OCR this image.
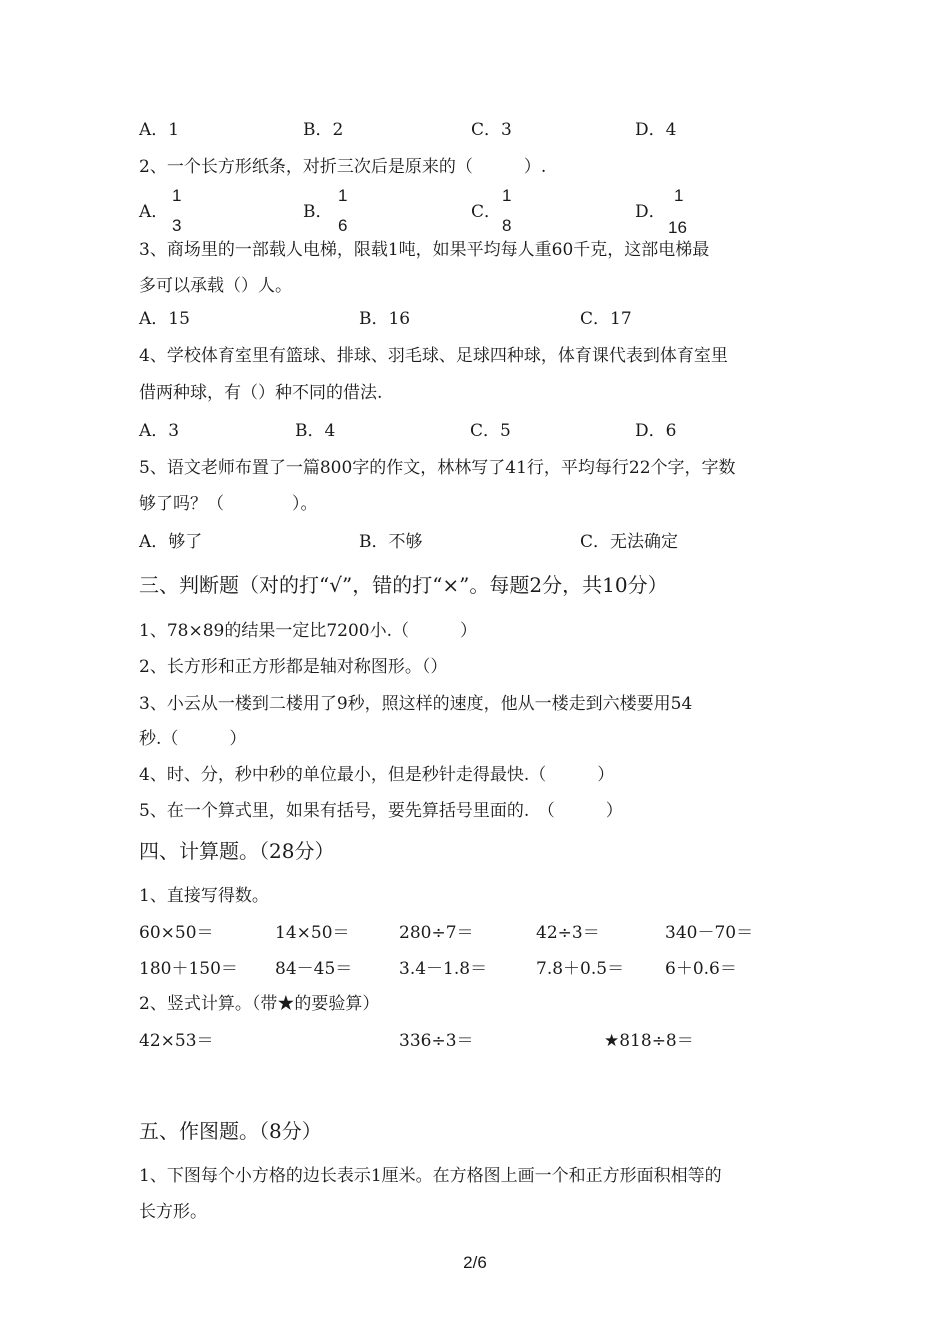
A．1	B．2	C．3	D．4
2、一个长方形纸条，对折三次后是原来的（　　　）.
A．
1
3
B．
1
6
C．
1
8
D．
1
16
3、商场里的一部载人电梯，限载1吨，如果平均每人重60千克，这部电梯最
多可以承载（）人。
A．15	B．16	C．17
4、学校体育室里有篮球、排球、羽毛球、足球四种球，体育课代表到体育室里
借两种球，有（）种不同的借法.
A．3	B．4	C．5	D．6
5、语文老师布置了一篇800字的作文，林林写了41行，平均每行22个字，字数
够了吗？（　　　　）。
A．够了	B．不够	C．无法确定
三、判断题（对的打“√”，错的打“×”。每题2分，共10分）
1、78×89的结果一定比7200小.（　　　）
2、长方形和正方形都是轴对称图形。（）
3、小云从一楼到二楼用了9秒，照这样的速度，他从一楼走到六楼要用54
秒.（　　　）
4、时、分，秒中秒的单位最小，但是秒针走得最快.（　　　）
5、在一个算式里，如果有括号，要先算括号里面的.　（　　　）
四、计算题。（28分）
1、直接写得数。
60×50＝	14×50＝	280÷7＝	42÷3＝	340－70＝
180＋150＝ 84－45＝	3.4－1.8＝	7.8＋0.5＝ 6＋0.6＝
2、竖式计算。（带★的要验算）
42×53＝	336÷3＝	★818÷8＝
五、作图题。（8分）
1、下图每个小方格的边长表示1厘米。在方格图上画一个和正方形面积相等的
长方形。
2/6
